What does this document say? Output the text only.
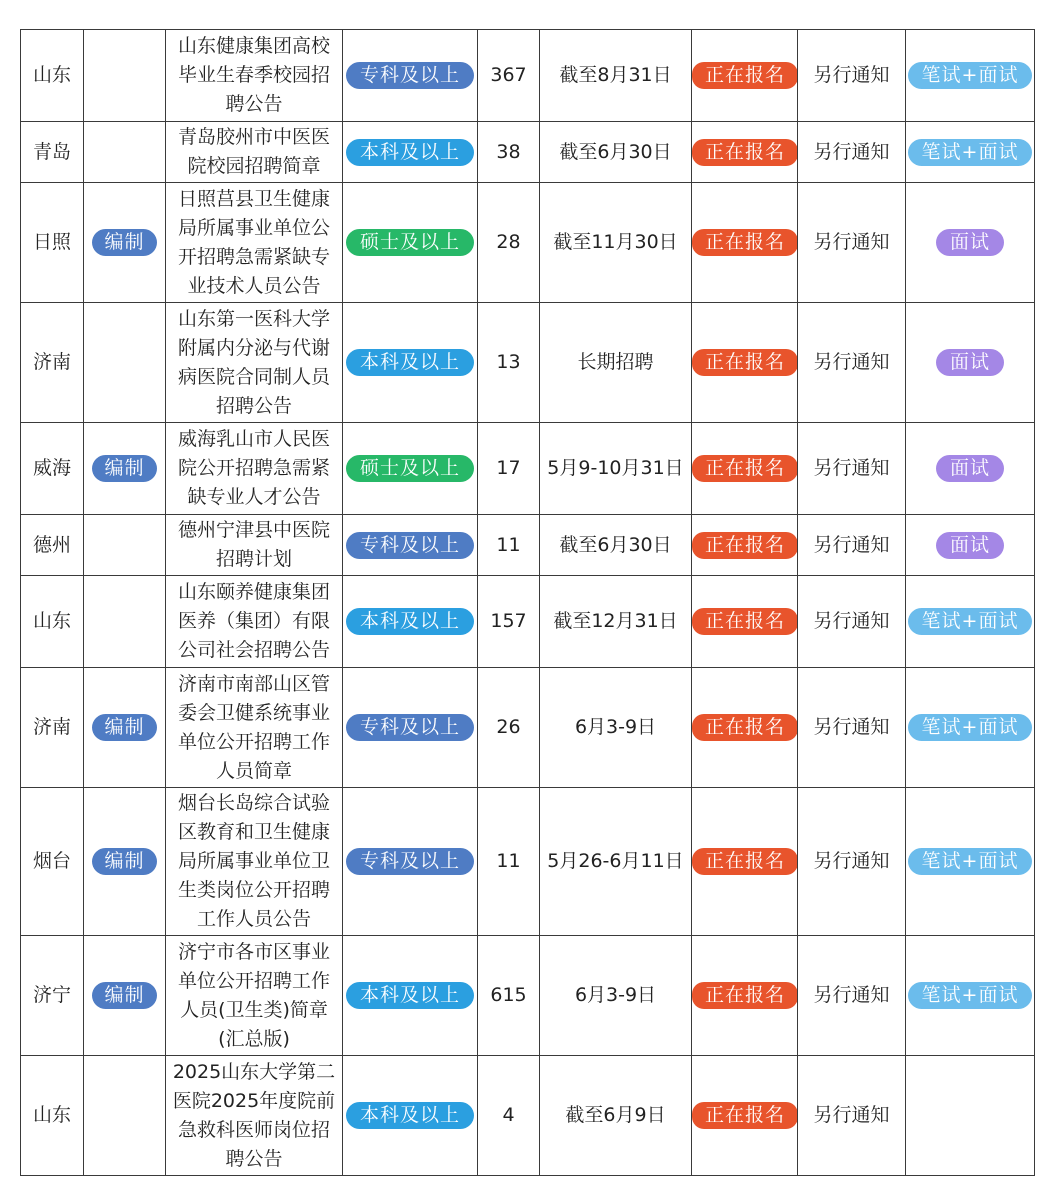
山东		山东健康集团高校
毕业生春季校园招
聘公告	专科及以上	367	截至8月31日	正在报名	另行通知	笔试+面试
青岛		青岛胶州市中医医
院校园招聘简章	本科及以上	38	截至6月30日	正在报名	另行通知	笔试+面试
日照	编制	日照莒县卫生健康
局所属事业单位公
开招聘急需紧缺专
业技术人员公告	硕士及以上	28	截至11月30日	正在报名	另行通知	面试
济南		山东第一医科大学
附属内分泌与代谢
病医院合同制人员
招聘公告	本科及以上	13	长期招聘	正在报名	另行通知	面试
威海	编制	威海乳山市人民医
院公开招聘急需紧
缺专业人才公告	硕士及以上	17	5月9-10月31日	正在报名	另行通知	面试
德州		德州宁津县中医院
招聘计划	专科及以上	11	截至6月30日	正在报名	另行通知	面试
山东		山东颐养健康集团
医养（集团）有限
公司社会招聘公告	本科及以上	157	截至12月31日	正在报名	另行通知	笔试+面试
济南	编制	济南市南部山区管
委会卫健系统事业
单位公开招聘工作
人员简章	专科及以上	26	6月3-9日	正在报名	另行通知	笔试+面试
烟台	编制	烟台长岛综合试验
区教育和卫生健康
局所属事业单位卫
生类岗位公开招聘
工作人员公告	专科及以上	11	5月26-6月11日	正在报名	另行通知	笔试+面试
济宁	编制	济宁市各市区事业
单位公开招聘工作
人员(卫生类)简章
(汇总版)	本科及以上	615	6月3-9日	正在报名	另行通知	笔试+面试
山东		2025山东大学第二
医院2025年度院前
急救科医师岗位招
聘公告	本科及以上	4	截至6月9日	正在报名	另行通知	
